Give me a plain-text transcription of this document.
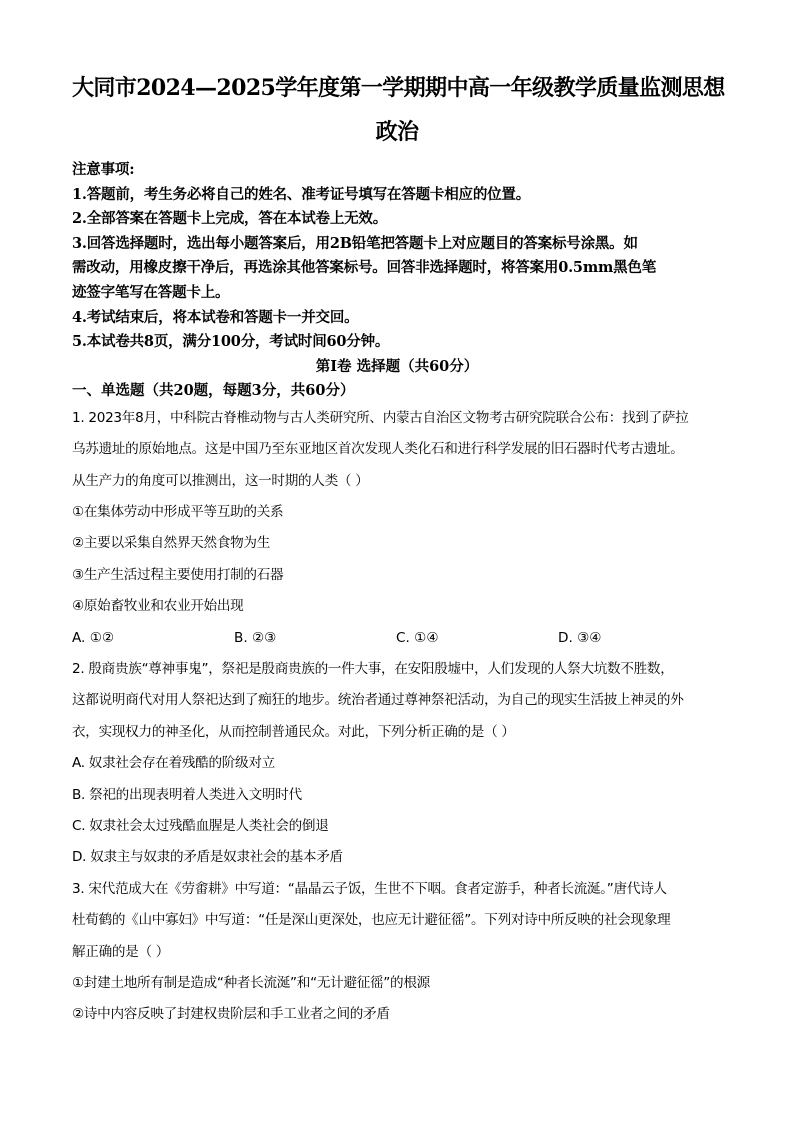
大同市2024—2025学年度第一学期期中高一年级教学质量监测思想
政治
注意事项:
1.答题前，考生务必将自己的姓名、准考证号填写在答题卡相应的位置。
2.全部答案在答题卡上完成，答在本试卷上无效。
3.回答选择题时，选出每小题答案后，用2B铅笔把答题卡上对应题目的答案标号涂黑。如
需改动，用橡皮擦干净后，再选涂其他答案标号。回答非选择题时，将答案用0.5mm黑色笔
迹签字笔写在答题卡上。
4.考试结束后，将本试卷和答题卡一并交回。
5.本试卷共8页，满分100分，考试时间60分钟。
第Ⅰ卷 选择题（共60分）
一、单选题（共20题，每题3分，共60分）
1. 2023年8月，中科院古脊椎动物与古人类研究所、内蒙古自治区文物考古研究院联合公布：找到了萨拉
乌苏遗址的原始地点。这是中国乃至东亚地区首次发现人类化石和进行科学发展的旧石器时代考古遗址。
从生产力的角度可以推测出，这一时期的人类（ ）
①在集体劳动中形成平等互助的关系
②主要以采集自然界天然食物为生
③生产生活过程主要使用打制的石器
④原始畜牧业和农业开始出现
A. ①②	B. ②③	C. ①④	D. ③④
2. 殷商贵族“尊神事鬼”，祭祀是殷商贵族的一件大事，在安阳殷墟中，人们发现的人祭大坑数不胜数，
这都说明商代对用人祭祀达到了痴狂的地步。统治者通过尊神祭祀活动，为自己的现实生活披上神灵的外
衣，实现权力的神圣化，从而控制普通民众。对此，下列分析正确的是（ ）
A. 奴隶社会存在着残酷的阶级对立
B. 祭祀的出现表明着人类进入文明时代
C. 奴隶社会太过残酷血腥是人类社会的倒退
D. 奴隶主与奴隶的矛盾是奴隶社会的基本矛盾
3. 宋代范成大在《劳畬耕》中写道：“晶晶云子饭，生世不下咽。食者定游手，种者长流涎。”唐代诗人
杜荀鹤的《山中寡妇》中写道：“任是深山更深处，也应无计避征徭”。下列对诗中所反映的社会现象理
解正确的是（ ）
①封建土地所有制是造成“种者长流涎”和“无计避征徭”的根源
②诗中内容反映了封建权贵阶层和手工业者之间的矛盾
